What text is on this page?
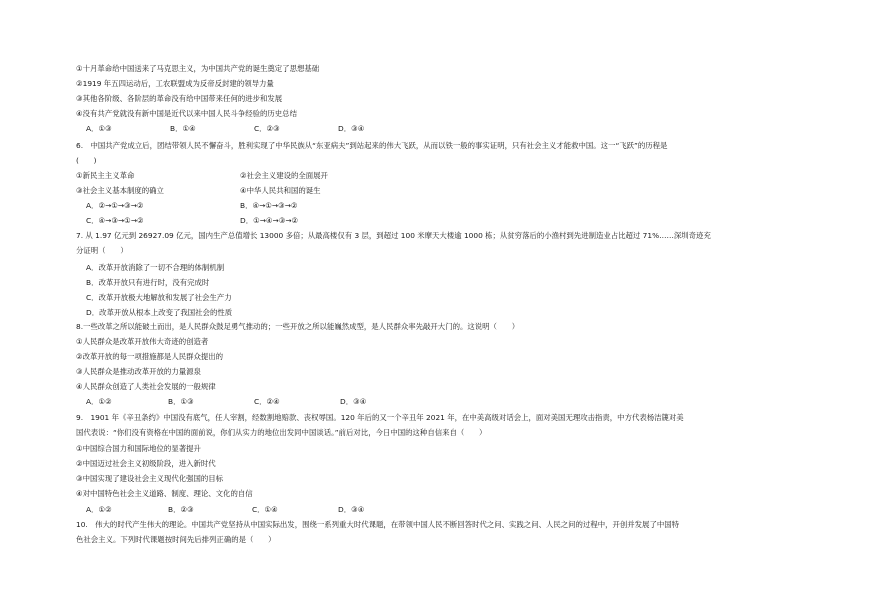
①十月革命给中国送来了马克思主义，为中国共产党的诞生奠定了思想基础
②1919 年五四运动后，工农联盟成为反帝反封建的领导力量
③其他各阶级、各阶层的革命没有给中国带来任何的进步和发展
④没有共产党就没有新中国是近代以来中国人民斗争经验的历史总结
A．①③	B．①④	C．②③	D．③④
6.　中国共产党成立后，团结带领人民不懈奋斗，胜利实现了中华民族从“东亚病夫”到站起来的伟大飞跃，从而以铁一般的事实证明，只有社会主义才能救中国。这一“飞跃”的历程是
(　　)
①新民主主义革命	②社会主义建设的全面展开
③社会主义基本制度的确立	④中华人民共和国的诞生
A．②→①→③→②	B．④→①→③→②
C．④→③→①→②	D．①→④→③→②
7. 从 1.97 亿元到 26927.09 亿元，国内生产总值增长 13000 多倍；从最高楼仅有 3 层，到超过 100 米摩天大楼逾 1000 栋；从贫穷落后的小渔村到先进制造业占比超过 71%……深圳奇迹充
分证明（　　）
A．改革开放消除了一切不合理的体制机制
B．改革开放只有进行时，没有完成时
C．改革开放极大地解放和发展了社会生产力
D．改革开放从根本上改变了我国社会的性质
8.一些改革之所以能破土而出，是人民群众鼓足勇气推动的；一些开放之所以能巍然成型，是人民群众率先敲开大门的。这说明（　　）
①人民群众是改革开放伟大奇迹的创造者
②改革开放的每一项措施都是人民群众提出的
③人民群众是推动改革开放的力量源泉
④人民群众创造了人类社会发展的一般规律
A．①②	B．①③	C．②④	D．③④
9.　1901 年《辛丑条约》中国没有底气，任人宰割，经数割地赔款、丧权辱国。120 年后的又一个辛丑年 2021 年，在中美高级对话会上，面对美国无理攻击指责，中方代表杨洁篪对美
国代表说：“你们没有资格在中国的面前说，你们从实力的地位出发同中国谈话。”前后对比，今日中国的这种自信来自（　　）
①中国综合国力和国际地位的显著提升
②中国迈过社会主义初级阶段，进入新时代
③中国实现了建设社会主义现代化强国的目标
④对中国特色社会主义道路、制度、理论、文化的自信
A．①②	B．②③	C．①④	D．③④
10.　伟大的时代产生伟大的理论。中国共产党坚持从中国实际出发，围绕一系列重大时代课题，在带领中国人民不断回答时代之问、实践之问、人民之问的过程中，开创并发展了中国特
色社会主义。下列时代课题按时间先后排列正确的是（　　）
